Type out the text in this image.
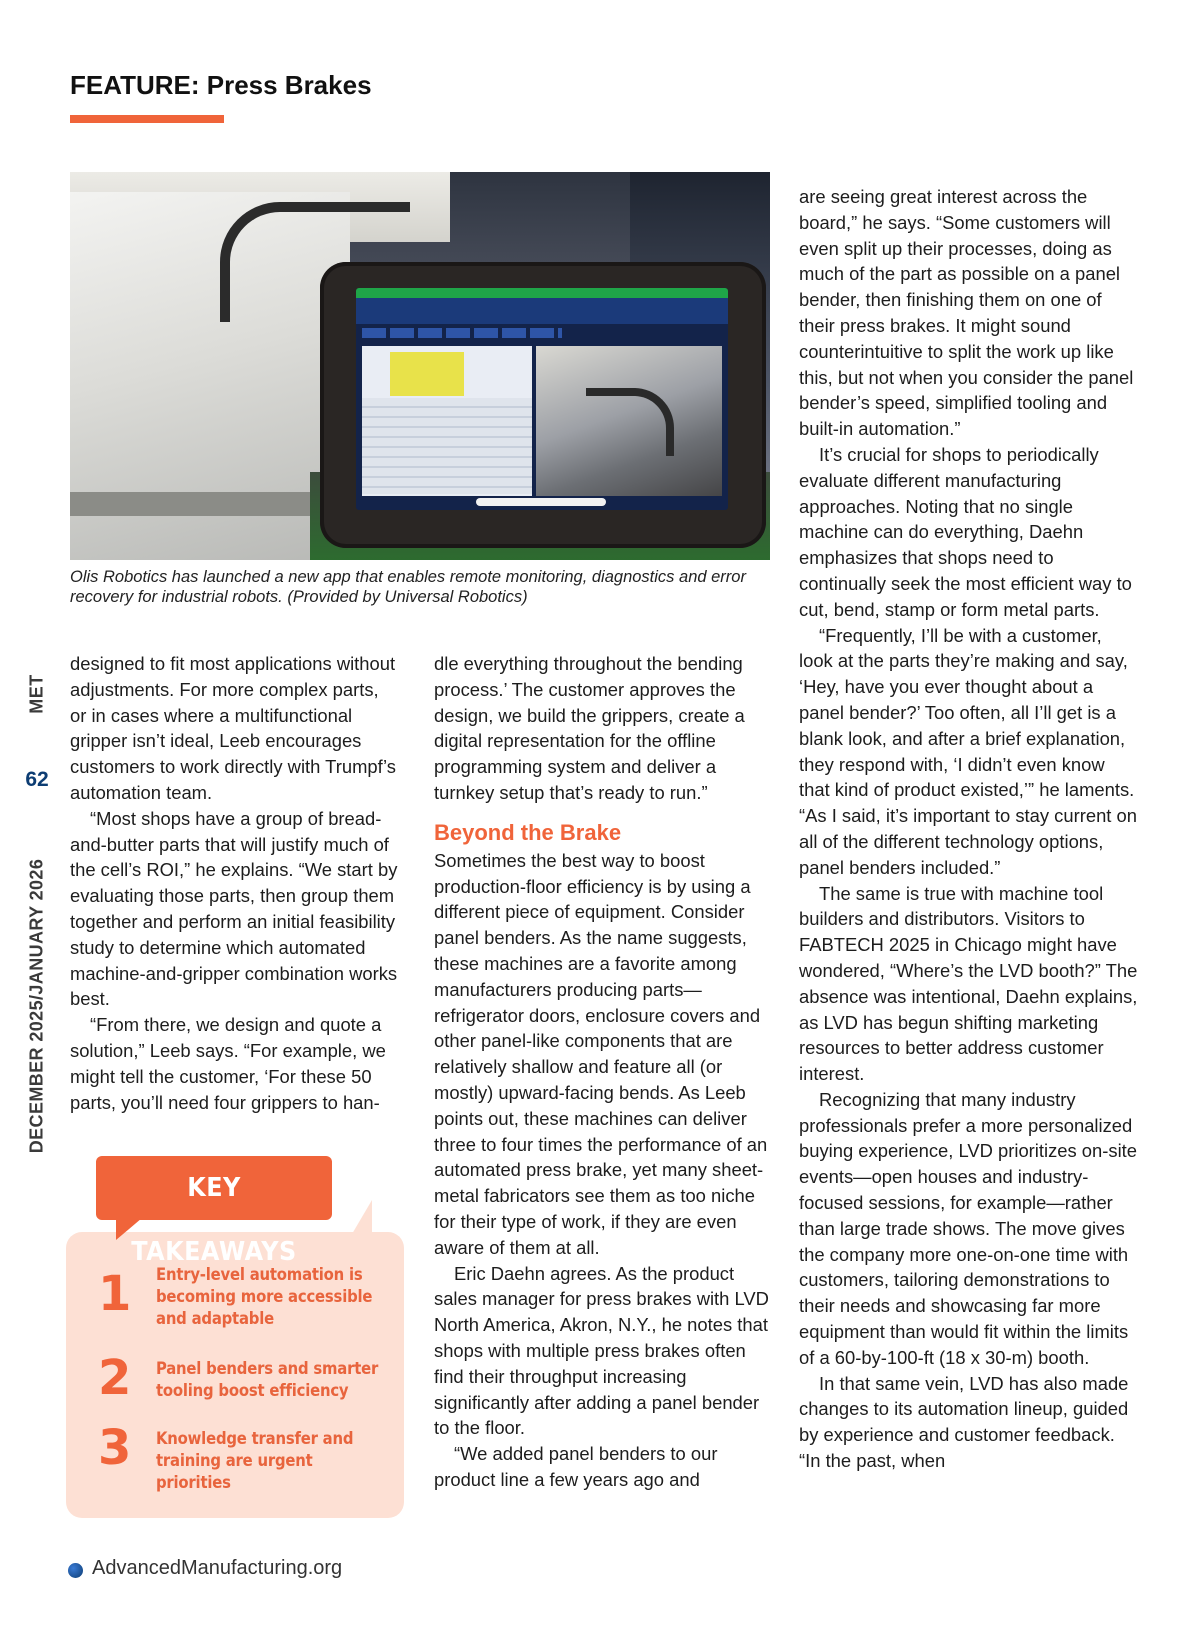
FEATURE: Press Brakes
Olis Robotics has launched a new app that enables remote monitoring, diagnostics and error recovery for industrial robots. (Provided by Universal Robotics)
MET
62
DECEMBER 2025/JANUARY 2026

designed to fit most applications without adjustments. For more complex parts, or in cases where a multifunctional gripper isn’t ideal, Leeb encourages customers to work directly with Trumpf’s automation team.

“Most shops have a group of bread-and-butter parts that will justify much of the cell’s ROI,” he explains. “We start by evaluating those parts, then group them together and perform an initial feasibility study to determine which automated machine-and-gripper combination works best.

“From there, we design and quote a solution,” Leeb says. “For example, we might tell the customer, ‘For these 50 parts, you’ll need four grippers to han-

dle everything throughout the bending process.’ The customer approves the design, we build the grippers, create a digital representation for the offline programming system and deliver a turnkey setup that’s ready to run.”

Beyond the Brake

Sometimes the best way to boost production-floor efficiency is by using a different piece of equipment. Consider panel benders. As the name suggests, these machines are a favorite among manufacturers producing parts—refrigerator doors, enclosure covers and other panel-like components that are relatively shallow and feature all (or mostly) upward-facing bends. As Leeb points out, these machines can deliver three to four times the performance of an automated press brake, yet many sheet-metal fabricators see them as too niche for their type of work, if they are even aware of them at all.

Eric Daehn agrees. As the product sales manager for press brakes with LVD North America, Akron, N.Y., he notes that shops with multiple press brakes often find their throughput increasing significantly after adding a panel bender to the floor.

“We added panel benders to our product line a few years ago and

are seeing great interest across the board,” he says. “Some customers will even split up their processes, doing as much of the part as possible on a panel bender, then finishing them on one of their press brakes. It might sound counterintuitive to split the work up like this, but not when you consider the panel bender’s speed, simplified tooling and built-in automation.”

It’s crucial for shops to periodically evaluate different manufacturing approaches. Noting that no single machine can do everything, Daehn emphasizes that shops need to continually seek the most efficient way to cut, bend, stamp or form metal parts.

“Frequently, I’ll be with a customer, look at the parts they’re making and say, ‘Hey, have you ever thought about a panel bender?’ Too often, all I’ll get is a blank look, and after a brief explanation, they respond with, ‘I didn’t even know that kind of product existed,’” he laments. “As I said, it’s important to stay current on all of the different technology options, panel benders included.”

The same is true with machine tool builders and distributors. Visitors to FABTECH 2025 in Chicago might have wondered, “Where’s the LVD booth?” The absence was intentional, Daehn explains, as LVD has begun shifting marketing resources to better address customer interest.

Recognizing that many industry professionals prefer a more personalized buying experience, LVD prioritizes on-site events—open houses and industry-focused sessions, for example—rather than large trade shows. The move gives the company more one-on-one time with customers, tailoring demonstrations to their needs and showcasing far more equipment than would fit within the limits of a 60-by-100-ft (18 x 30-m) booth.

In that same vein, LVD has also made changes to its automation lineup, guided by experience and customer feedback. “In the past, when

KEY TAKEAWAYS
1 Entry-level automation is becoming more accessible and adaptable
2 Panel benders and smarter tooling boost efficiency
3 Knowledge transfer and training are urgent priorities
AdvancedManufacturing.org
